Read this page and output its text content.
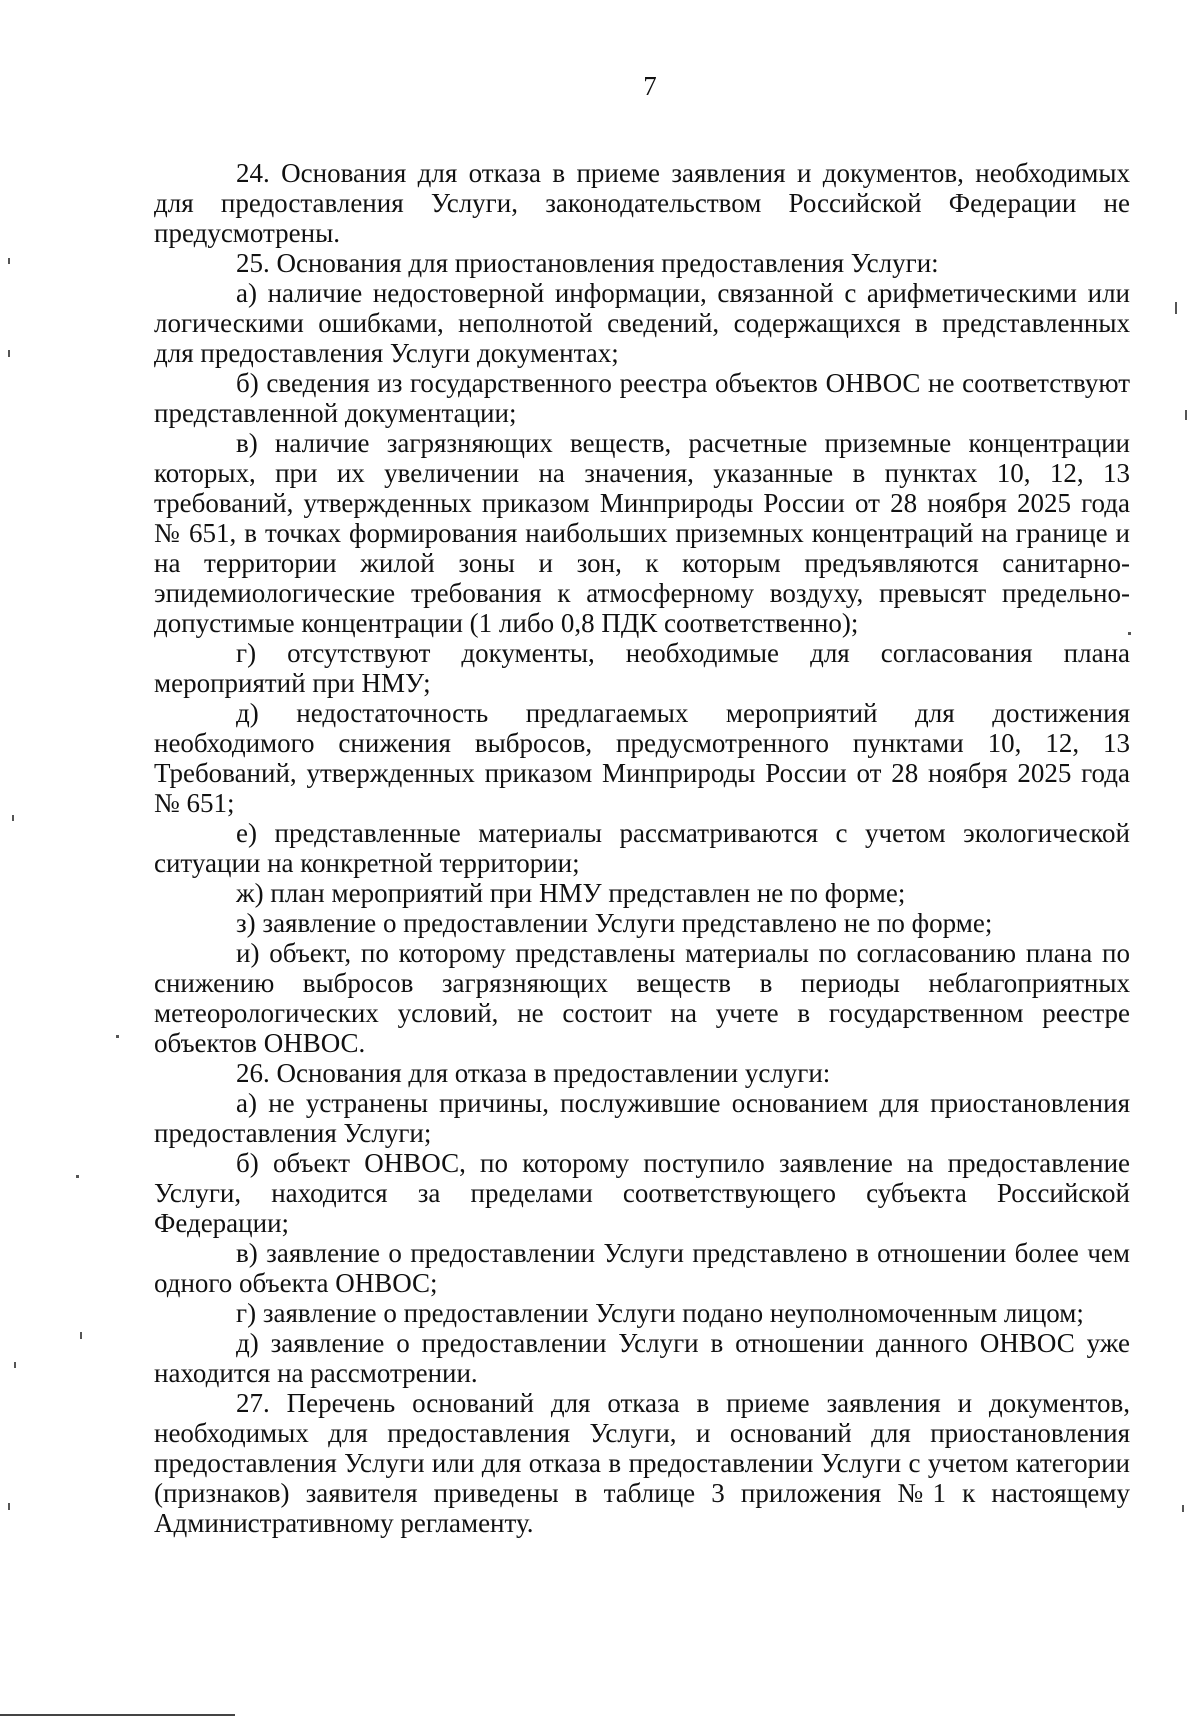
7

24. Основания для отказа в приеме заявления и документов, необходимых для предоставления Услуги, законодательством Российской Федерации не предусмотрены.

25. Основания для приостановления предоставления Услуги:

а) наличие недостоверной информации, связанной с арифметическими или логическими ошибками, неполнотой сведений, содержащихся в представленных для предоставления Услуги документах;

б) сведения из государственного реестра объектов ОНВОС не соответствуют представленной документации;

в) наличие загрязняющих веществ, расчетные приземные концентрации которых, при их увеличении на значения, указанные в пунктах 10, 12, 13 требований, утвержденных приказом Минприроды России от 28 ноября 2025 года № 651, в точках формирования наибольших приземных концентраций на границе и на территории жилой зоны и зон, к которым предъявляются санитарно-эпидемиологические требования к атмосферному воздуху, превысят предельно-допустимые концентрации (1 либо 0,8 ПДК соответственно);

г) отсутствуют документы, необходимые для согласования плана мероприятий при НМУ;

д) недостаточность предлагаемых мероприятий для достижения необходимого снижения выбросов, предусмотренного пунктами 10, 12, 13 Требований, утвержденных приказом Минприроды России от 28 ноября 2025 года № 651;

е) представленные материалы рассматриваются с учетом экологической ситуации на конкретной территории;

ж) план мероприятий при НМУ представлен не по форме;

з) заявление о предоставлении Услуги представлено не по форме;

и) объект, по которому представлены материалы по согласованию плана по снижению выбросов загрязняющих веществ в периоды неблагоприятных метеорологических условий, не состоит на учете в государственном реестре объектов ОНВОС.

26. Основания для отказа в предоставлении услуги:

а) не устранены причины, послужившие основанием для приостановления предоставления Услуги;

б) объект ОНВОС, по которому поступило заявление на предоставление Услуги, находится за пределами соответствующего субъекта Российской Федерации;

в) заявление о предоставлении Услуги представлено в отношении более чем одного объекта ОНВОС;

г) заявление о предоставлении Услуги подано неуполномоченным лицом;

д) заявление о предоставлении Услуги в отношении данного ОНВОС уже находится на рассмотрении.

27. Перечень оснований для отказа в приеме заявления и документов, необходимых для предоставления Услуги, и оснований для приостановления предоставления Услуги или для отказа в предоставлении Услуги с учетом категории (признаков) заявителя приведены в таблице 3 приложения №1 к настоящему Административному регламенту.
